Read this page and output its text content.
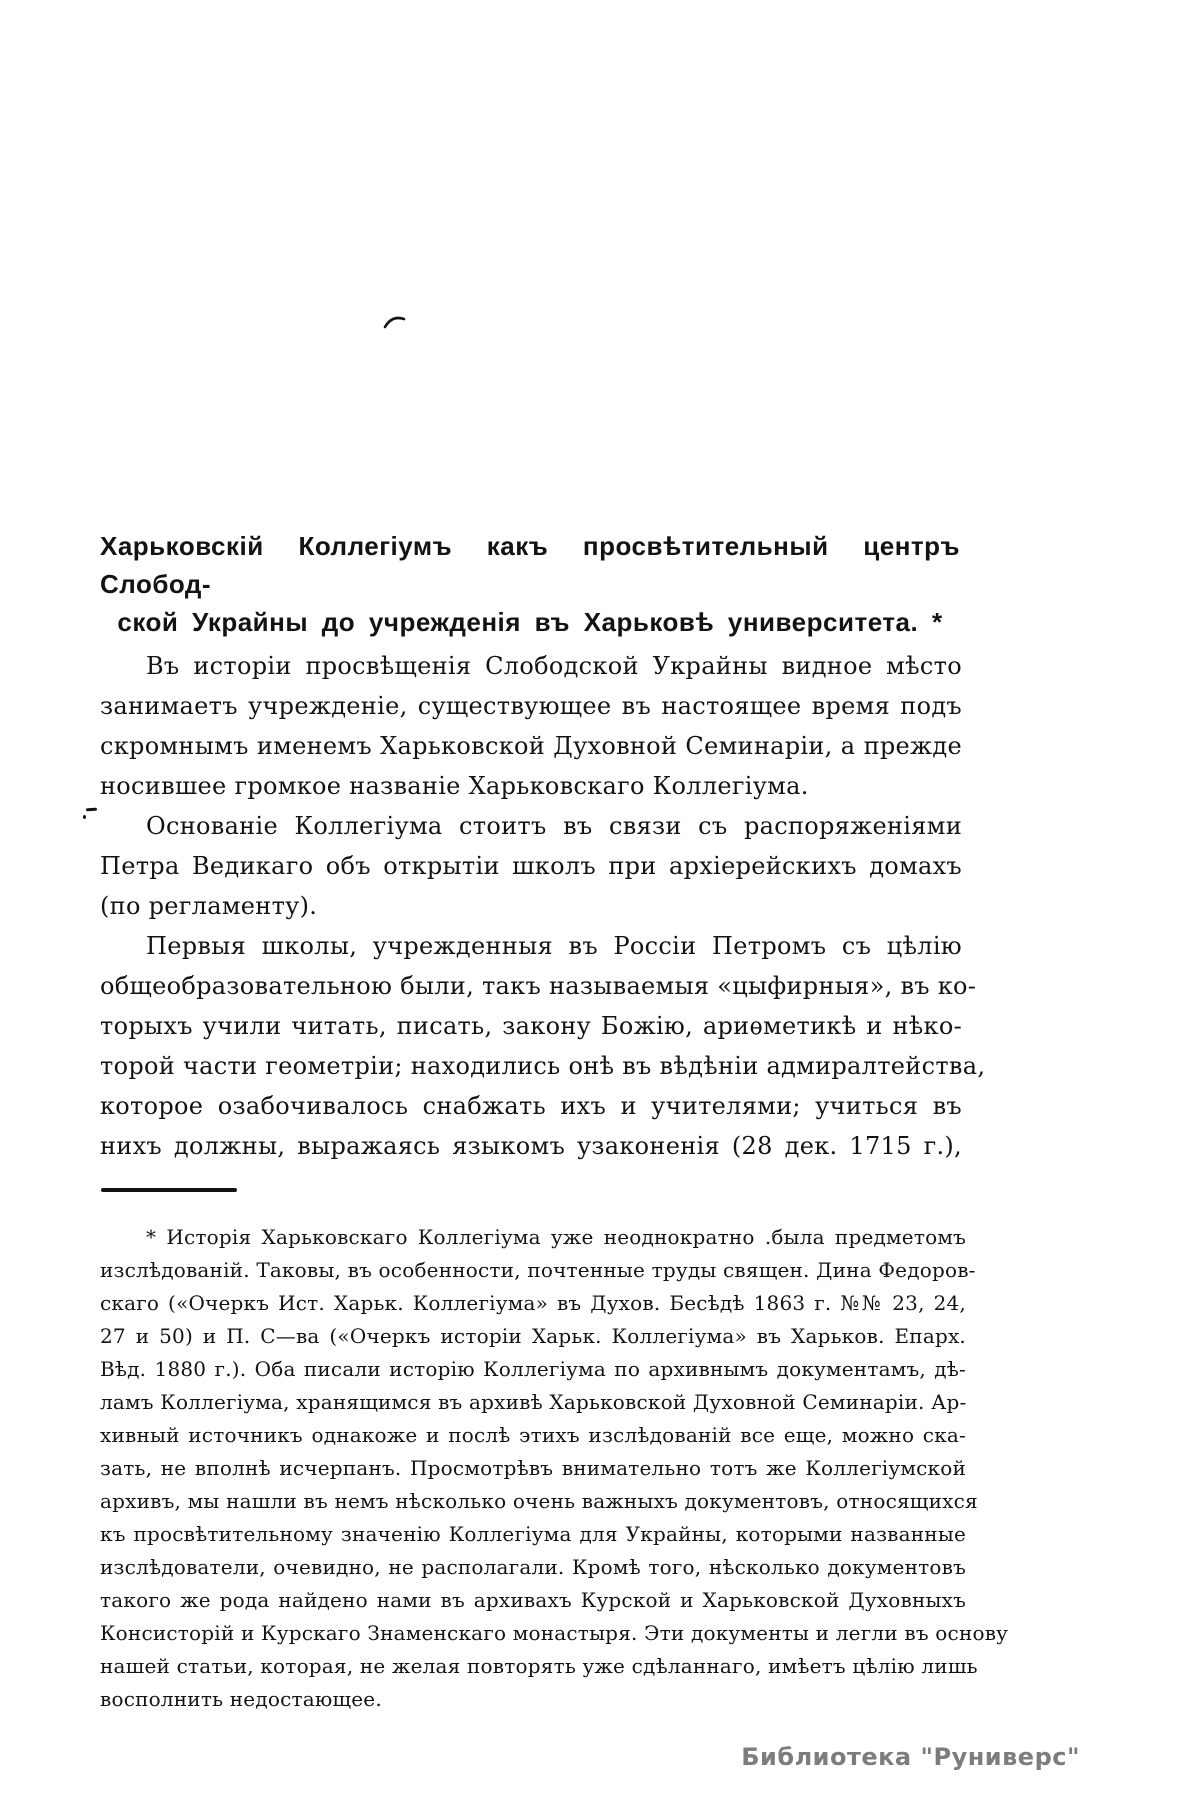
Харьковскій Коллегіумъ какъ просвѣтительный центръ Слобод-
ской Украйны до учрежденія въ Харьковѣ университета. *
Въ исторіи просвѣщенія Слободской Украйны видное мѣсто
занимаетъ учрежденіе, существующее въ настоящее время подъ
скромнымъ именемъ Харьковской Духовной Семинаріи, а прежде
носившее громкое названіе Харьковскаго Коллегіума.
Основаніе Коллегіума стоитъ въ связи съ распоряженіями
Петра Ведикаго объ открытіи школъ при архіерейскихъ домахъ
(по регламенту).
Первыя школы, учрежденныя въ Россіи Петромъ съ цѣлію
общеобразовательною были, такъ называемыя «цыфирныя», въ ко-
торыхъ учили читать, писать, закону Божію, ариѳметикѣ и нѣко-
торой части геометріи; находились онѣ въ вѣдѣніи адмиралтейства,
которое озабочивалось снабжать ихъ и учителями; учиться въ
нихъ должны, выражаясь языкомъ узаконенія (28 дек. 1715 г.),
* Исторія Харьковскаго Коллегіума уже неоднократно .была предметомъ
изслѣдованій. Таковы, въ особенности, почтенные труды священ. Дина Федоров-
скаго («Очеркъ Ист. Харьк. Коллегіума» въ Духов. Бесѣдѣ 1863 г. №№ 23, 24,
27 и 50) и П. С—ва («Очеркъ исторіи Харьк. Коллегіума» въ Харьков. Епарх.
Вѣд. 1880 г.). Оба писали исторію Коллегіума по архивнымъ документамъ, дѣ-
ламъ Коллегіума, хранящимся въ архивѣ Харьковской Духовной Семинаріи. Ар-
хивный источникъ однакоже и послѣ этихъ изслѣдованій все еще, можно ска-
зать, не вполнѣ исчерпанъ. Просмотрѣвъ внимательно тотъ же Коллегіумской
архивъ, мы нашли въ немъ нѣсколько очень важныхъ документовъ, относящихся
къ просвѣтительному значенію Коллегіума для Украйны, которыми названные
изслѣдователи, очевидно, не располагали. Кромѣ того, нѣсколько документовъ
такого же рода найдено нами въ архивахъ Курской и Харьковской Духовныхъ
Консисторій и Курскаго Знаменскаго монастыря. Эти документы и легли въ основу
нашей статьи, которая, не желая повторять уже сдѣланнаго, имѣетъ цѣлію лишь
восполнить недостающее.
Библиотека "Руниверс"
